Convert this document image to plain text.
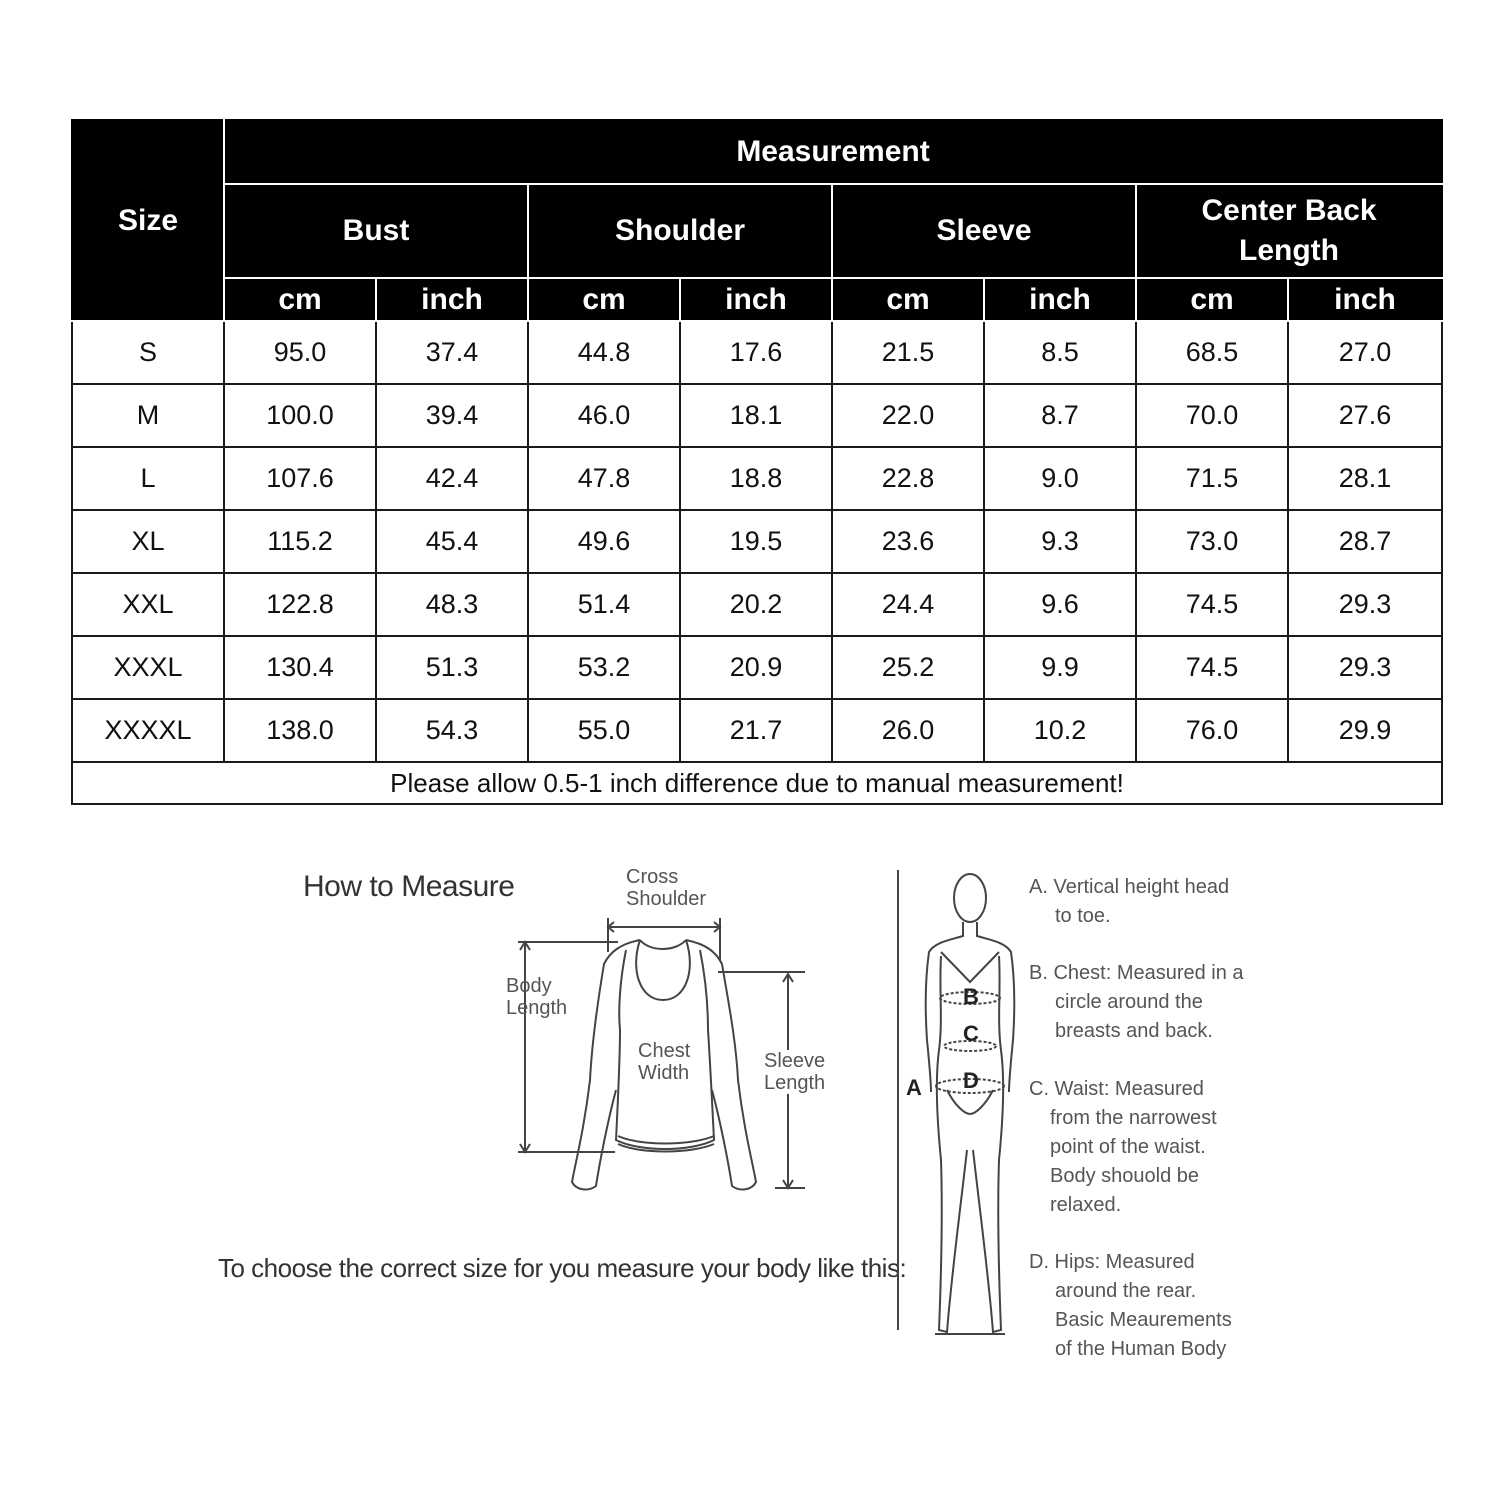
Size	Measurement							
	Bust		Shoulder		Sleeve		Center Back Length	
	cm	inch	cm	inch	cm	inch	cm	inch
S	95.0	37.4	44.8	17.6	21.5	8.5	68.5	27.0
M	100.0	39.4	46.0	18.1	22.0	8.7	70.0	27.6
L	107.6	42.4	47.8	18.8	22.8	9.0	71.5	28.1
XL	115.2	45.4	49.6	19.5	23.6	9.3	73.0	28.7
XXL	122.8	48.3	51.4	20.2	24.4	9.6	74.5	29.3
XXXL	130.4	51.3	53.2	20.9	25.2	9.9	74.5	29.3
XXXXL	138.0	54.3	55.0	21.7	26.0	10.2	76.0	29.9
Please allow 0.5-1 inch difference due to manual measurement!								
How to Measure	Cross
Shoulder
Body
Length
Chest
Width
Sleeve
Length
To choose the correct size for you measure your body like this:
A
B
C
D
A. Vertical height head
to toe.
B. Chest: Measured in a
circle around the
breasts and back.
C. Waist: Measured
from the narrowest
point of the waist.
Body shouold be
relaxed.
D. Hips: Measured
around the rear.
Basic Meaurements
of the Human Body
